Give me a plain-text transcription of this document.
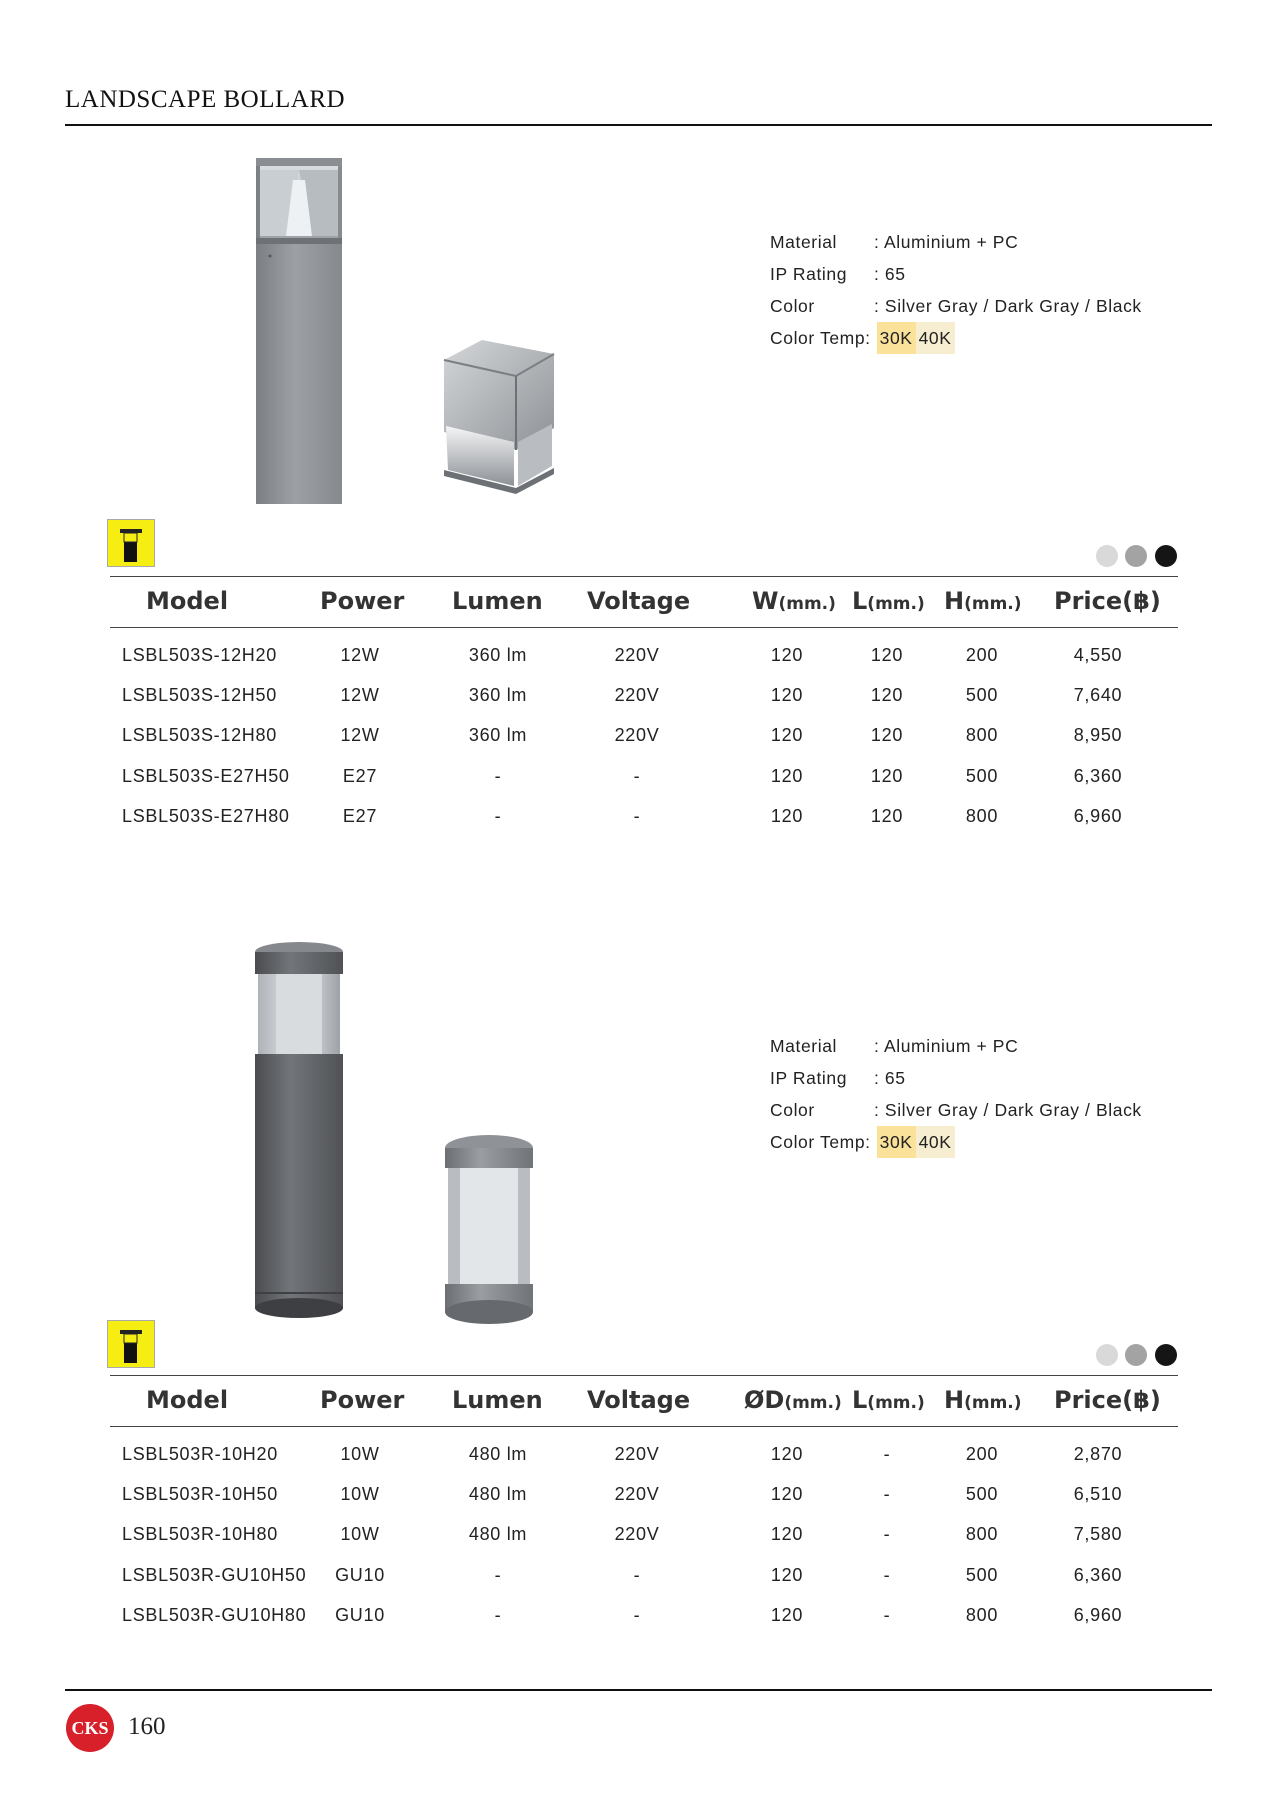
LANDSCAPE BOLLARD
Material	: Aluminium + PC
IP Rating	: 65
Color	: Silver Gray / Dark Gray / Black
Color Temp: 30K 40K
Model	Power Lumen Voltage	W(mm.) L(mm.) H(mm.) Price(฿)
LSBL503S-12H20	12W	360 lm	220V	120	120	200	4,550
LSBL503S-12H50	12W	360 lm	220V	120	120	500	7,640
LSBL503S-12H80	12W	360 lm	220V	120	120	800	8,950
LSBL503S-E27H50	E27	-	-	120	120	500	6,360
LSBL503S-E27H80	E27	-	-	120	120	800	6,960
Material	: Aluminium + PC
IP Rating	: 65
Color	: Silver Gray / Dark Gray / Black
Color Temp: 30K 40K
Model	Power Lumen Voltage ØD(mm.) L(mm.) H(mm.) Price(฿)
LSBL503R-10H20	10W	480 lm	220V	120	-	200	2,870
LSBL503R-10H50	10W	480 lm	220V	120	-	500	6,510
LSBL503R-10H80	10W	480 lm	220V	120	-	800	7,580
LSBL503R-GU10H50 GU10	-	-	120	-	500	6,360
LSBL503R-GU10H80 GU10	-	-	120	-	800	6,960
CKS 160
